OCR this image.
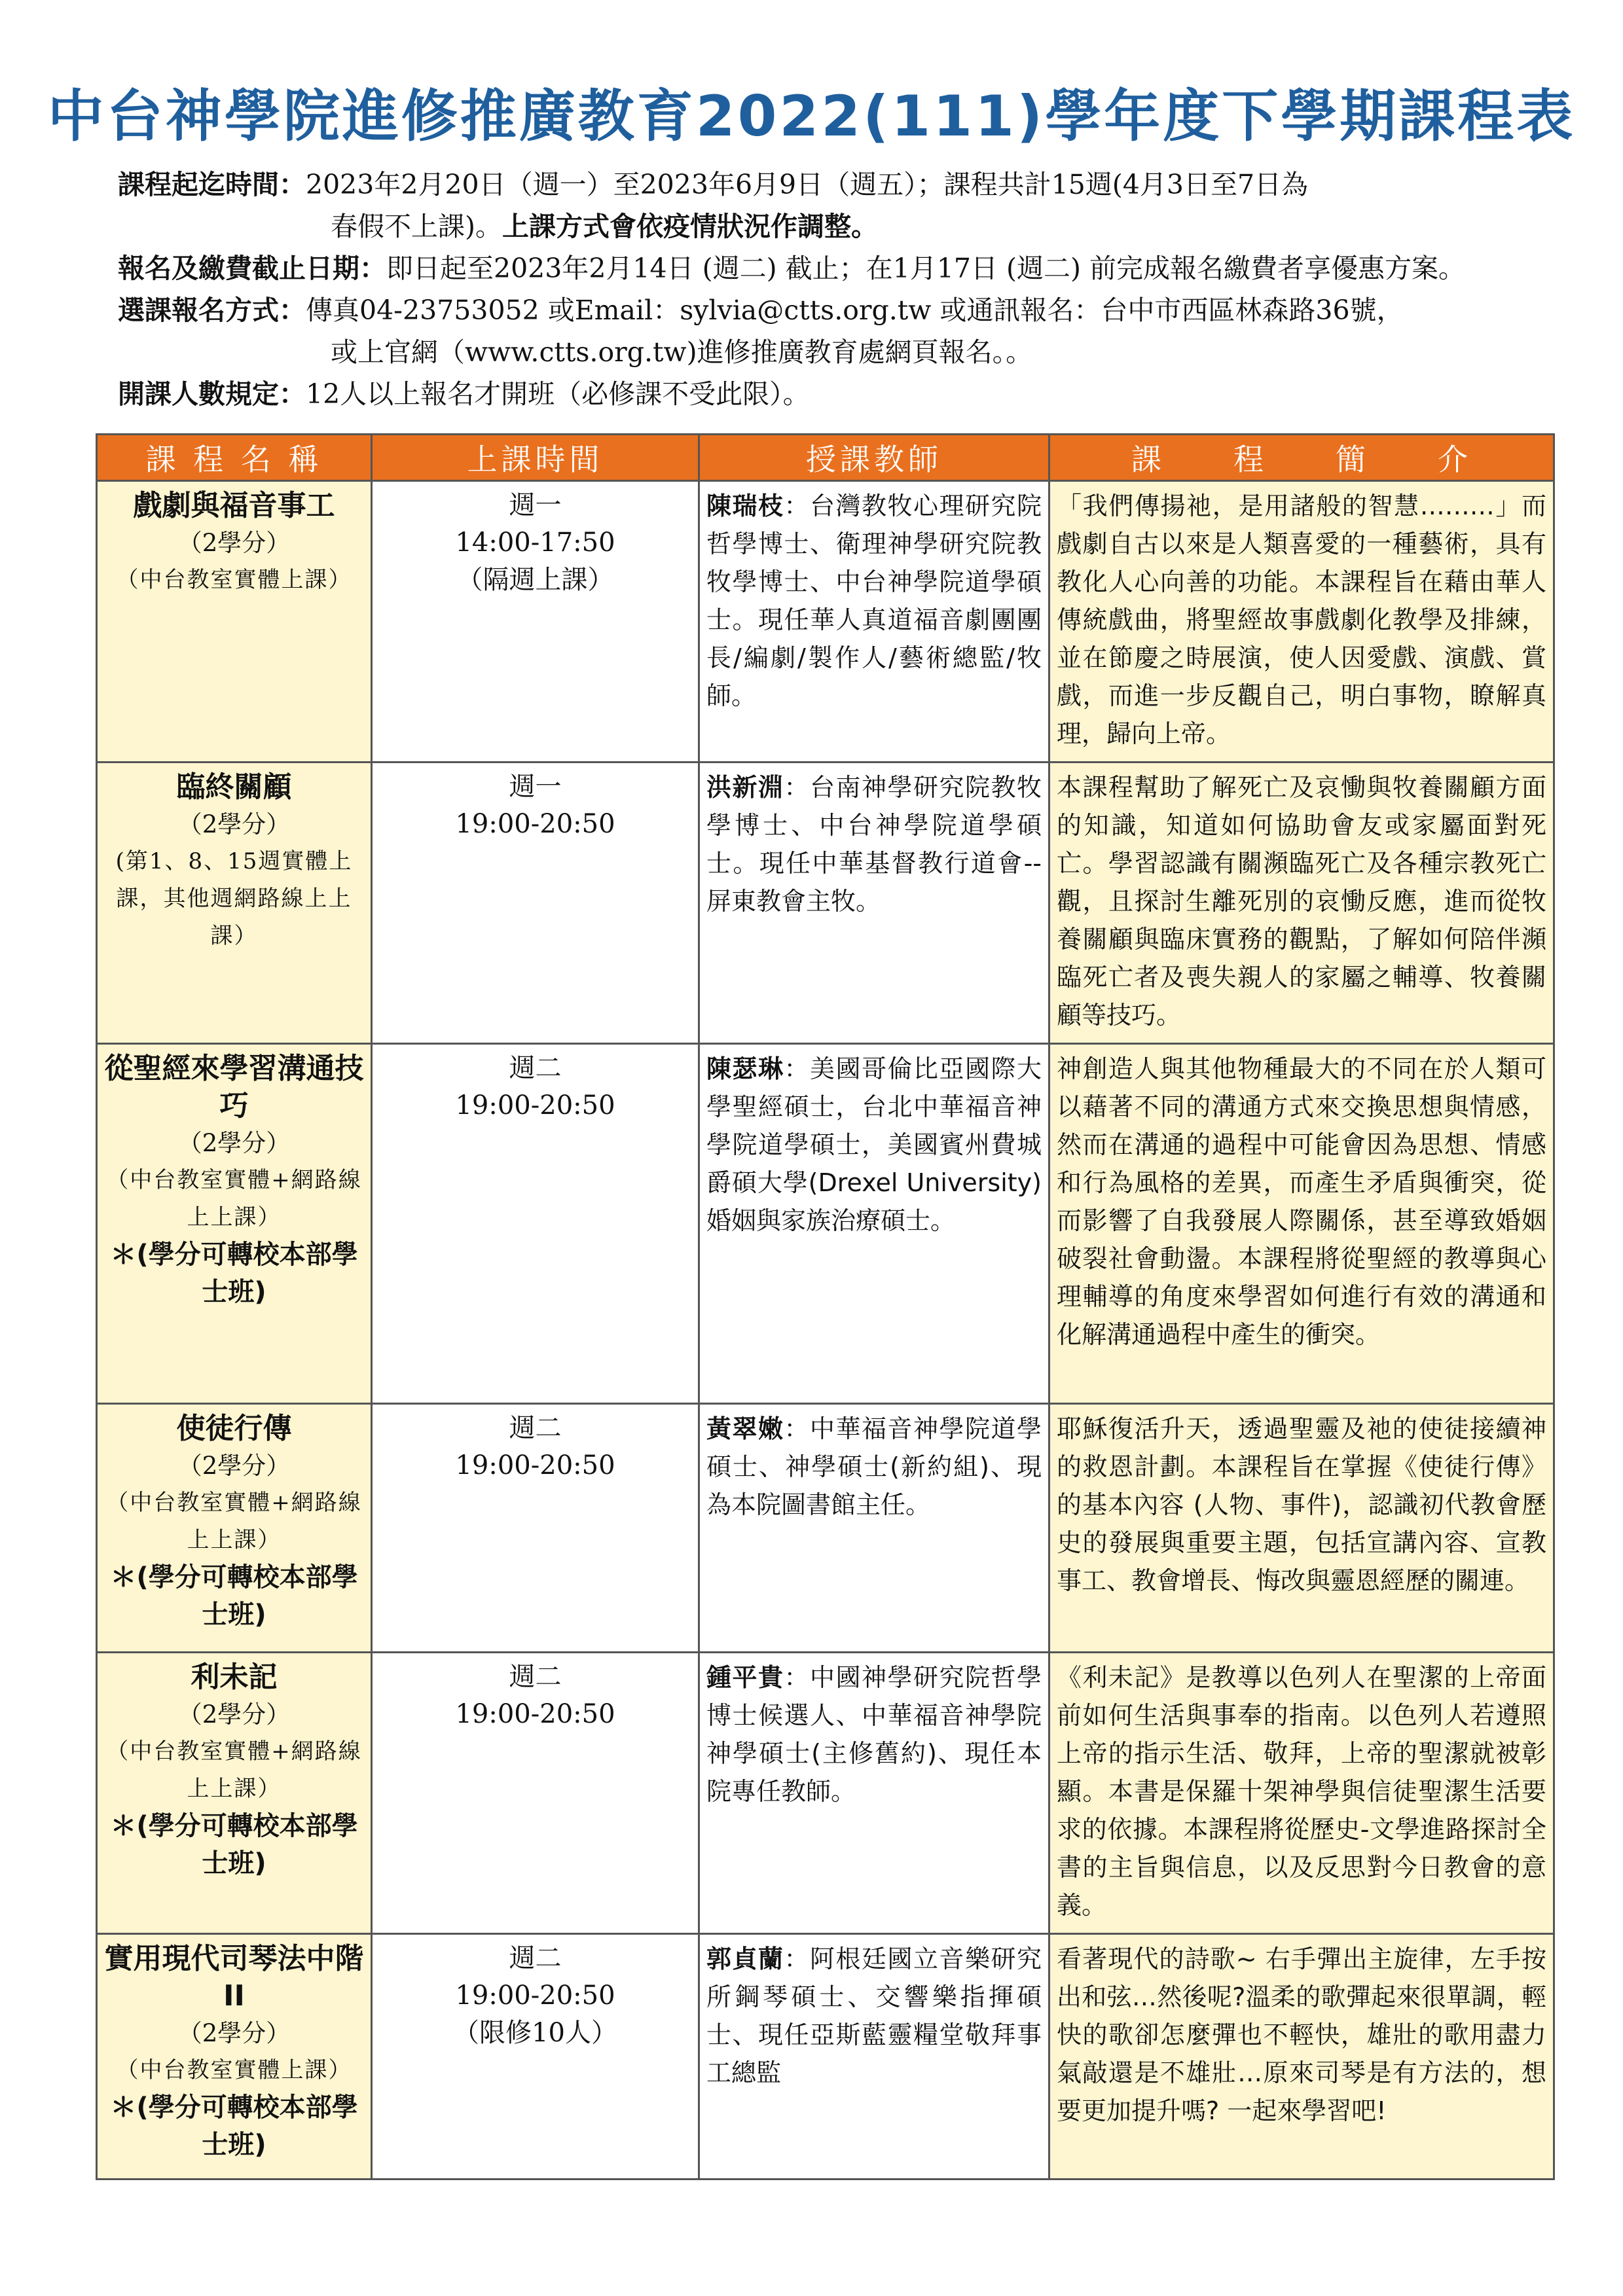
中台神學院進修推廣教育2022(111)學年度下學期課程表
課程起迄時間：2023年2月20日（週一）至2023年6月9日（週五）；課程共計15週(4月3日至7日為
春假不上課)。上課方式會依疫情狀況作調整。
報名及繳費截止日期：即日起至2023年2月14日 (週二) 截止；在1月17日 (週二) 前完成報名繳費者享優惠方案。
選課報名方式：傳真04-23753052 或Email：sylvia@ctts.org.tw 或通訊報名：台中市西區林森路36號，
或上官網（www.ctts.org.tw)進修推廣教育處網頁報名。。
開課人數規定：12人以上報名才開班（必修課不受此限）。
課 程 名 稱	上課時間	授課教師	課　　程　　簡　　介

戲劇與福音事工
（2學分）
（中台教室實體上課）	週一
14:00-17:50
（隔週上課）	陳瑞枝：台灣教牧心理研究院哲學博士、衛理神學研究院教牧學博士、中台神學院道學碩士。現任華人真道福音劇團團長/編劇/製作人/藝術總監/牧師。	「我們傳揚祂，是用諸般的智慧………」而戲劇自古以來是人類喜愛的一種藝術，具有教化人心向善的功能。本課程旨在藉由華人傳統戲曲，將聖經故事戲劇化教學及排練，並在節慶之時展演，使人因愛戲、演戲、賞戲，而進一步反觀自己，明白事物，瞭解真理，歸向上帝。

臨終關顧
（2學分）
(第1、8、15週實體上課，其他週網路線上上課）	週一
19:00-20:50	洪新淵：台南神學研究院教牧學博士、中台神學院道學碩士。現任中華基督教行道會--屏東教會主牧。	本課程幫助了解死亡及哀慟與牧養關顧方面的知識，知道如何協助會友或家屬面對死亡。學習認識有關瀕臨死亡及各種宗教死亡觀，且探討生離死別的哀慟反應，進而從牧養關顧與臨床實務的觀點，了解如何陪伴瀕臨死亡者及喪失親人的家屬之輔導、牧養關顧等技巧。

從聖經來學習溝通技巧
（2學分）
（中台教室實體+網路線上上課）
＊(學分可轉校本部學士班)	週二
19:00-20:50	陳瑟琳：美國哥倫比亞國際大學聖經碩士，台北中華福音神學院道學碩士，美國賓州費城爵碩大學(Drexel University)婚姻與家族治療碩士。	神創造人與其他物種最大的不同在於人類可以藉著不同的溝通方式來交換思想與情感，然而在溝通的過程中可能會因為思想、情感和行為風格的差異，而產生矛盾與衝突，從而影響了自我發展人際關係，甚至導致婚姻破裂社會動盪。本課程將從聖經的教導與心理輔導的角度來學習如何進行有效的溝通和化解溝通過程中產生的衝突。

使徒行傳
（2學分）
（中台教室實體+網路線上上課）
＊(學分可轉校本部學士班)	週二
19:00-20:50	黃翠嫩：中華福音神學院道學碩士、神學碩士(新約組)、現為本院圖書館主任。	耶穌復活升天，透過聖靈及祂的使徒接續神的救恩計劃。本課程旨在掌握《使徒行傳》的基本內容 (人物、事件)，認識初代教會歷史的發展與重要主題，包括宣講內容、宣教事工、教會增長、悔改與靈恩經歷的關連。

利未記
（2學分）
（中台教室實體+網路線上上課）
＊(學分可轉校本部學士班)	週二
19:00-20:50	鍾平貴：中國神學研究院哲學博士候選人、中華福音神學院神學碩士(主修舊約)、現任本院專任教師。	《利未記》是教導以色列人在聖潔的上帝面前如何生活與事奉的指南。以色列人若遵照上帝的指示生活、敬拜，上帝的聖潔就被彰顯。本書是保羅十架神學與信徒聖潔生活要求的依據。本課程將從歷史-文學進路探討全書的主旨與信息，以及反思對今日教會的意義。

實用現代司琴法中階II
（2學分）
（中台教室實體上課）
＊(學分可轉校本部學士班)	週二
19:00-20:50
（限修10人）	郭貞蘭：阿根廷國立音樂研究所鋼琴碩士、交響樂指揮碩士、現任亞斯藍靈糧堂敬拜事工總監	看著現代的詩歌~ 右手彈出主旋律，左手按出和弦…然後呢?溫柔的歌彈起來很單調，輕快的歌卻怎麼彈也不輕快，雄壯的歌用盡力氣敲還是不雄壯…原來司琴是有方法的，想要更加提升嗎? 一起來學習吧!
